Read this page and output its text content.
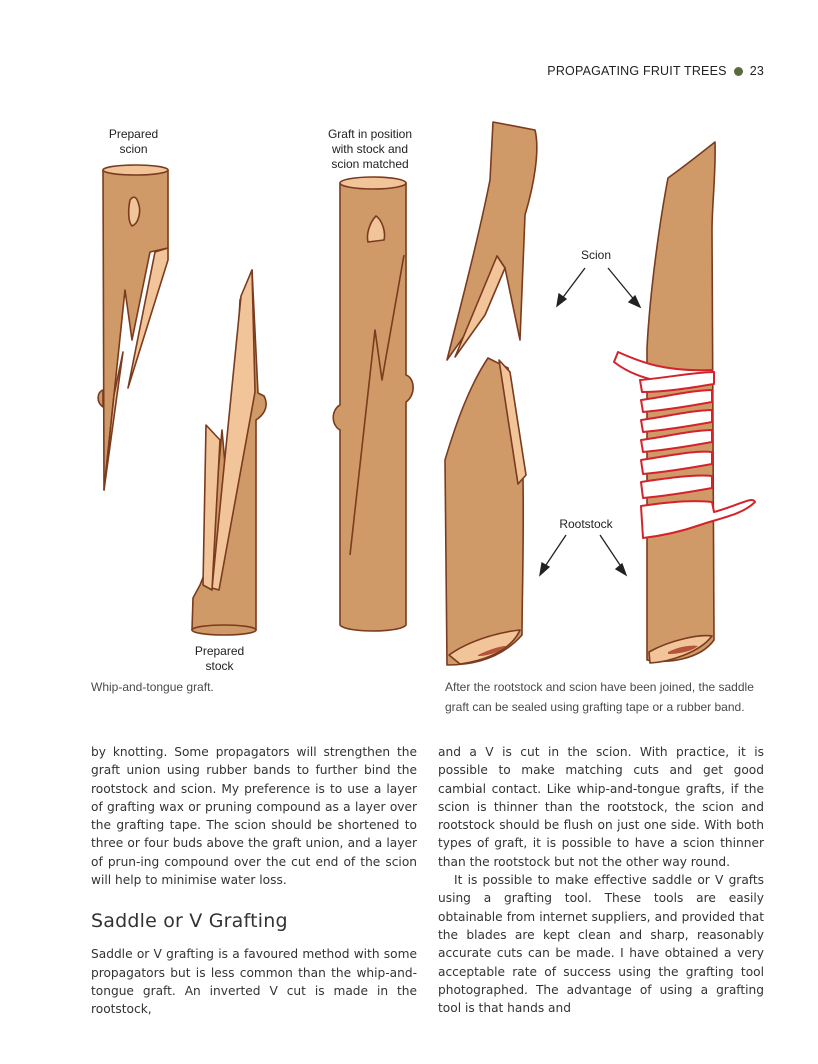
PROPAGATING FRUIT TREES 23
Prepared
scion
Graft in position
with stock and
scion matched
Prepared
stock
Scion
Rootstock
Whip-and-tongue graft.	After the rootstock and scion have been joined, the saddle graft can be sealed using grafting tape or a rubber band.

by knotting. Some propagators will strengthen the graft union using rubber bands to further bind the rootstock and scion. My preference is to use a layer of grafting wax or pruning compound as a layer over the grafting tape. The scion should be shortened to three or four buds above the graft union, and a layer of prun-ing compound over the cut end of the scion will help to minimise water loss.

Saddle or V Grafting

Saddle or V grafting is a favoured method with some propagators but is less common than the whip-and-tongue graft. An inverted V cut is made in the rootstock,

and a V is cut in the scion. With practice, it is possible to make matching cuts and get good cambial contact. Like whip-and-tongue grafts, if the scion is thinner than the rootstock, the scion and rootstock should be flush on just one side. With both types of graft, it is possible to have a scion thinner than the rootstock but not the other way round.

It is possible to make effective saddle or V grafts using a grafting tool. These tools are easily obtainable from internet suppliers, and provided that the blades are kept clean and sharp, reasonably accurate cuts can be made. I have obtained a very acceptable rate of success using the grafting tool photographed. The advantage of using a grafting tool is that hands and
